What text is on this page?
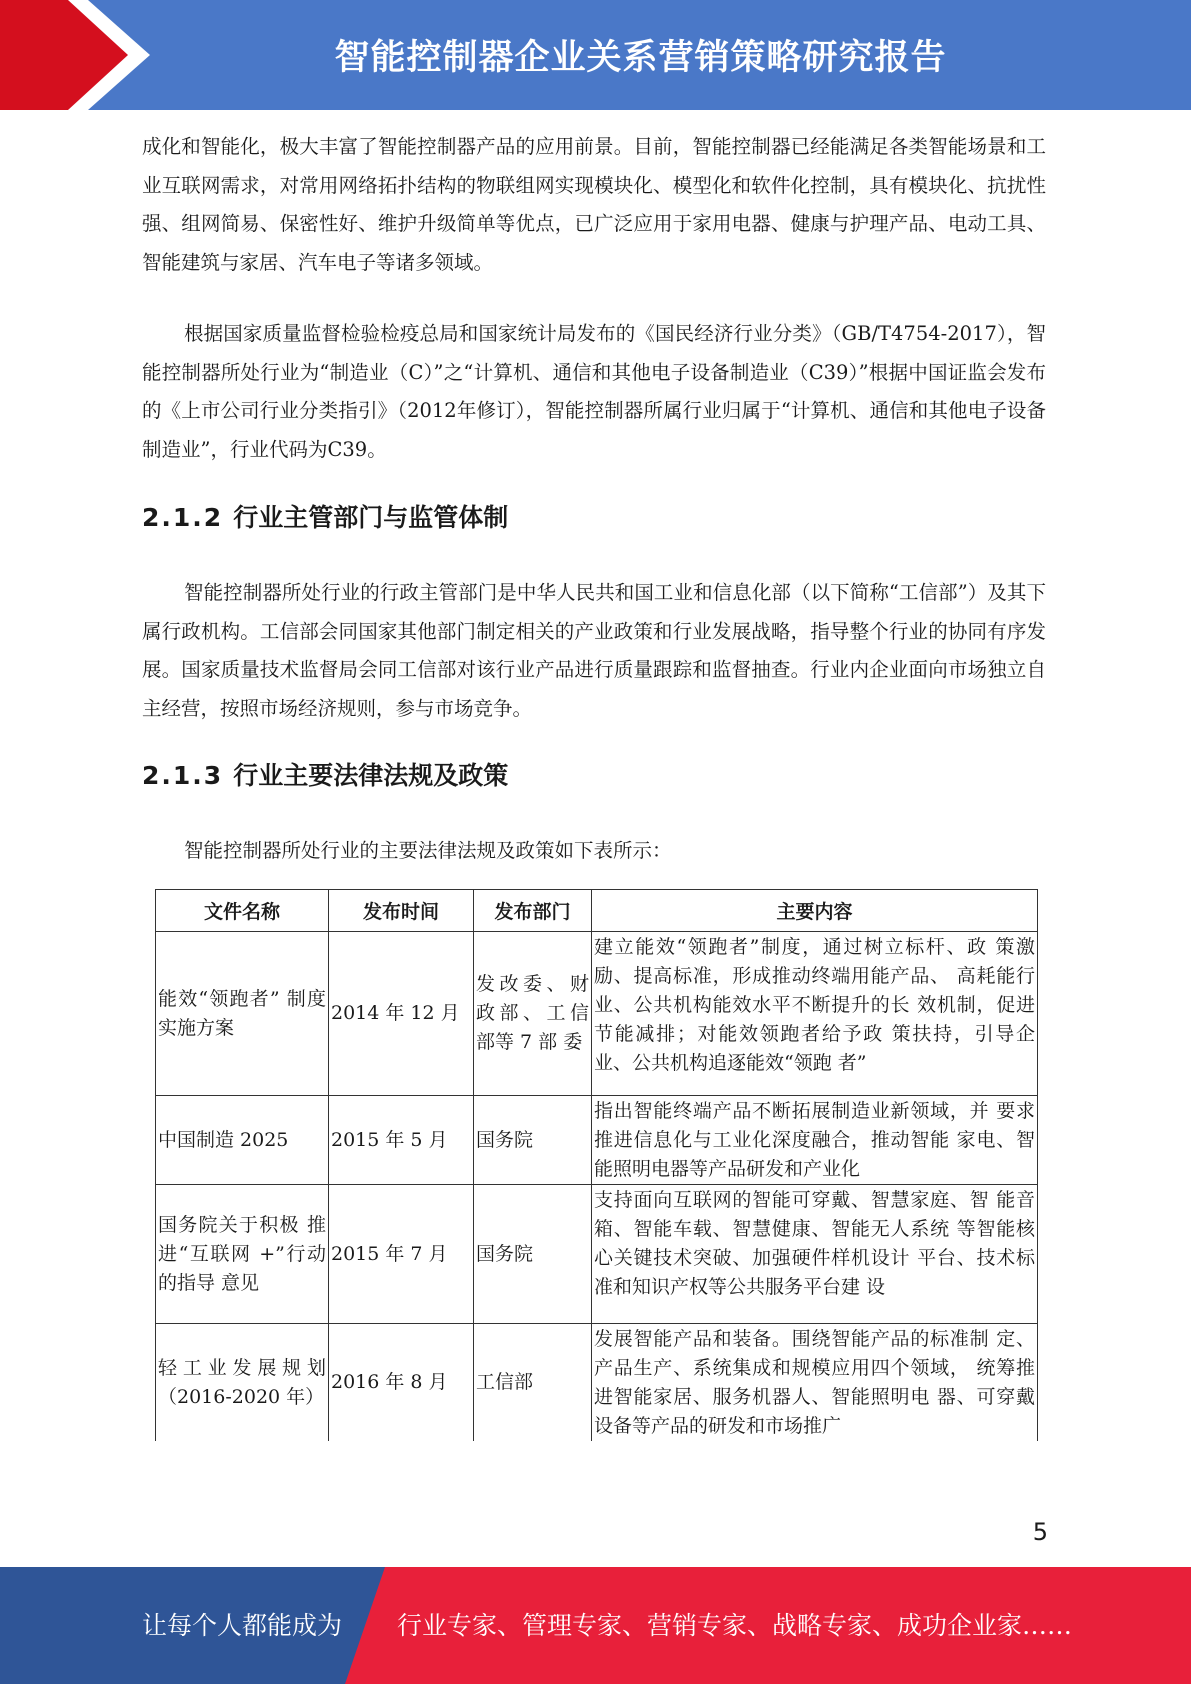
智能控制器企业关系营销策略研究报告

成化和智能化，极大丰富了智能控制器产品的应用前景。目前，智能控制器已经能满足各类智能场景和工业互联网需求，对常用网络拓扑结构的物联组网实现模块化、模型化和软件化控制，具有模块化、抗扰性强、组网简易、保密性好、维护升级简单等优点，已广泛应用于家用电器、健康与护理产品、电动工具、智能建筑与家居、汽车电子等诸多领域。

根据国家质量监督检验检疫总局和国家统计局发布的《国民经济行业分类》（GB/T4754-2017），智能控制器所处行业为“制造业（C）”之“计算机、通信和其他电子设备制造业（C39）”根据中国证监会发布的《上市公司行业分类指引》（2012年修订），智能控制器所属行业归属于“计算机、通信和其他电子设备制造业”，行业代码为C39。

2.1.2 行业主管部门与监管体制

智能控制器所处行业的行政主管部门是中华人民共和国工业和信息化部（以下简称“工信部”）及其下属行政机构。工信部会同国家其他部门制定相关的产业政策和行业发展战略，指导整个行业的协同有序发展。国家质量技术监督局会同工信部对该行业产品进行质量跟踪和监督抽查。行业内企业面向市场独立自主经营，按照市场经济规则，参与市场竞争。

2.1.3 行业主要法律法规及政策

智能控制器所处行业的主要法律法规及政策如下表所示：

文件名称	发布时间	发布部门	主要内容
能效“领跑者” 制度实施方案	2014 年 12 月	发改委、财政部、工信部等 7 部 委	建立能效“领跑者”制度，通过树立标杆、政 策激励、提高标准，形成推动终端用能产品、 高耗能行业、公共机构能效水平不断提升的长 效机制，促进节能减排；对能效领跑者给予政 策扶持，引导企业、公共机构追逐能效“领跑 者”
中国制造 2025	2015 年 5 月	国务院	指出智能终端产品不断拓展制造业新领域，并 要求推进信息化与工业化深度融合，推动智能 家电、智能照明电器等产品研发和产业化
国务院关于积极 推进“互联网 +”行动的指导 意见	2015 年 7 月	国务院	支持面向互联网的智能可穿戴、智慧家庭、智 能音箱、智能车载、智慧健康、智能无人系统 等智能核心关键技术突破、加强硬件样机设计 平台、技术标准和知识产权等公共服务平台建 设
轻工业发展规划（2016-2020 年）	2016 年 8 月	工信部	发展智能产品和装备。围绕智能产品的标准制 定、产品生产、系统集成和规模应用四个领域， 统筹推进智能家居、服务机器人、智能照明电 器、可穿戴设备等产品的研发和市场推广
5
让每个人都能成为 行业专家、管理专家、营销专家、战略专家、成功企业家……
